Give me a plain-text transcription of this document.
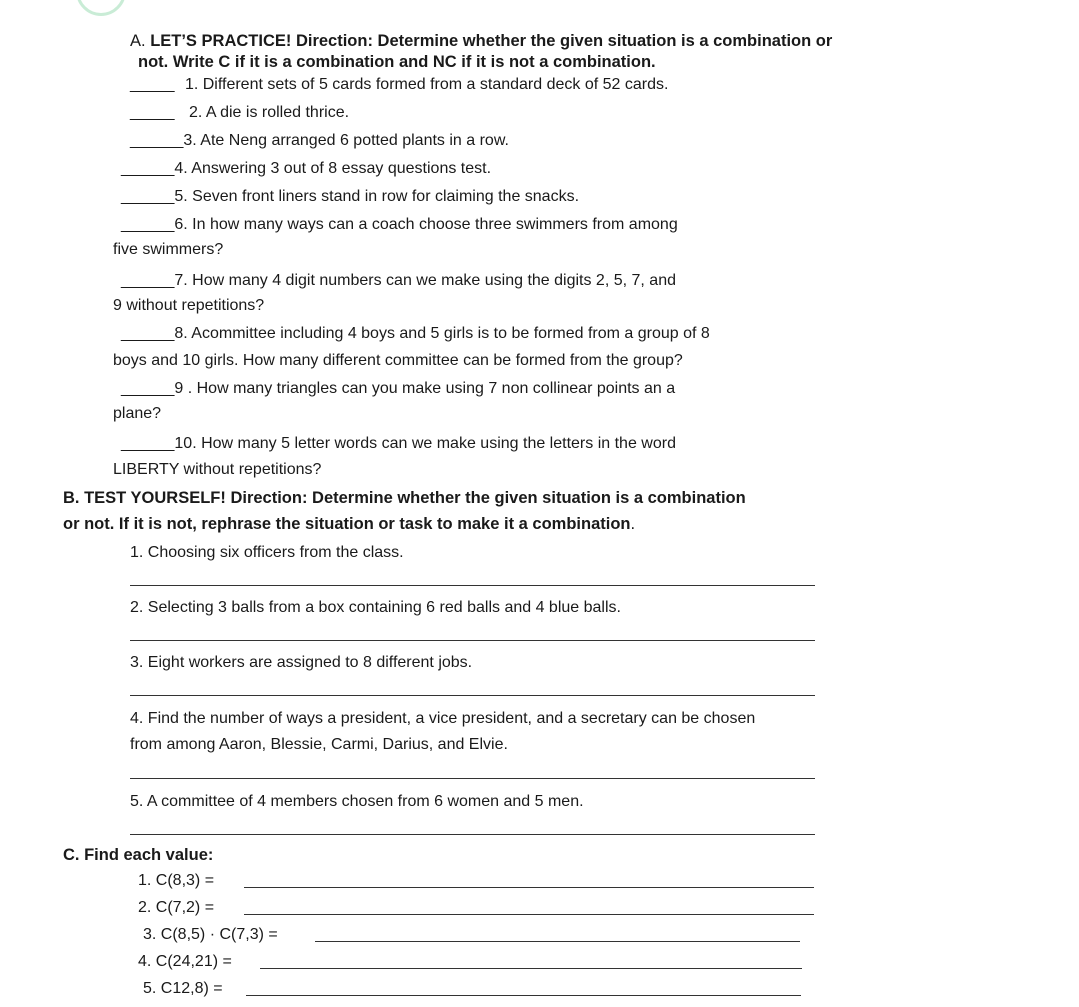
A. LET’S PRACTICE! Direction: Determine whether the given situation is a combination or
not. Write C if it is a combination and NC if it is not a combination.
_____ 1. Different sets of 5 cards formed from a standard deck of 52 cards.
_____ 2. A die is rolled thrice.
______3. Ate Neng arranged 6 potted plants in a row.
______4. Answering 3 out of 8 essay questions test.
______5. Seven front liners stand in row for claiming the snacks.
______6. In how many ways can a coach choose three swimmers from among
five swimmers?
______7. How many 4 digit numbers can we make using the digits 2, 5, 7, and
9 without repetitions?
______8. Acommittee including 4 boys and 5 girls is to be formed from a group of 8
boys and 10 girls. How many different committee can be formed from the group?
______9 . How many triangles can you make using 7 non collinear points an a
plane?
______10. How many 5 letter words can we make using the letters in the word
LIBERTY without repetitions?
B. TEST YOURSELF! Direction: Determine whether the given situation is a combination
or not. If it is not, rephrase the situation or task to make it a combination.
1. Choosing six officers from the class.
2. Selecting 3 balls from a box containing 6 red balls and 4 blue balls.
3. Eight workers are assigned to 8 different jobs.
4. Find the number of ways a president, a vice president, and a secretary can be chosen
from among Aaron, Blessie, Carmi, Darius, and Elvie.
5. A committee of 4 members chosen from 6 women and 5 men.
C. Find each value:
1. C(8,3) =
2. C(7,2) =
3. C(8,5) · C(7,3) =
4. C(24,21) =
5. C12,8) =
